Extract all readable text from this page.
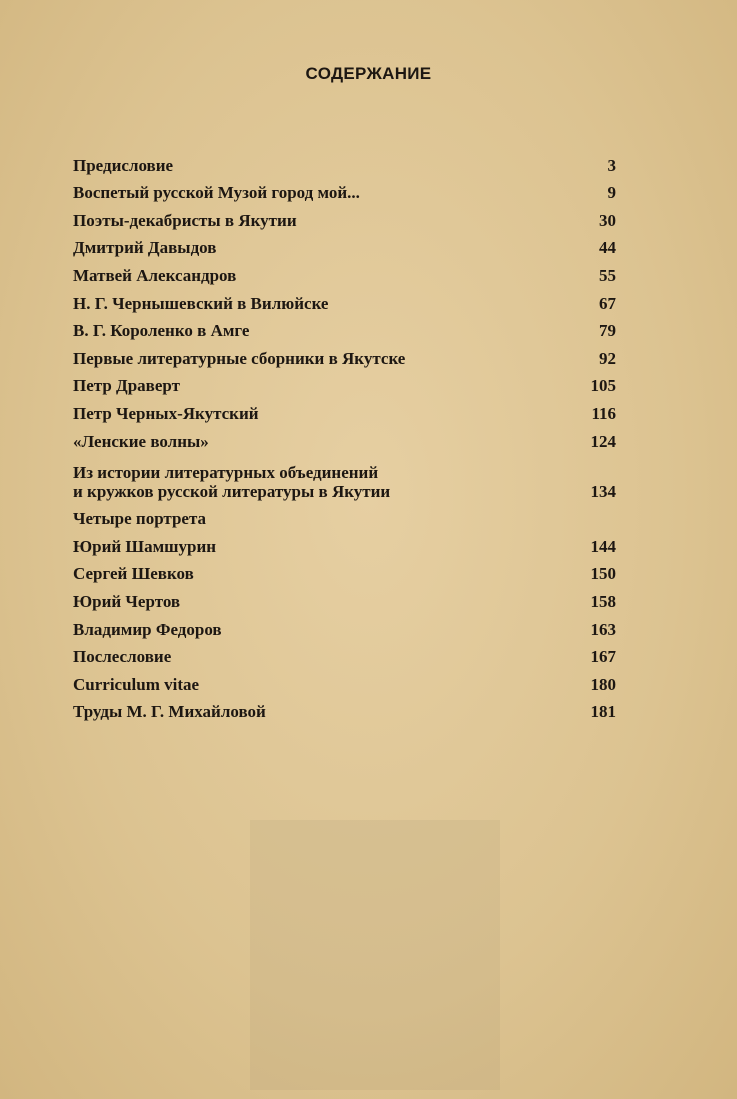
СОДЕРЖАНИЕ
Предисловие	3
Воспетый русской Музой город мой...	9
Поэты-декабристы в Якутии	30
Дмитрий Давыдов	44
Матвей Александров	55
Н. Г. Чернышевский в Вилюйске	67
В. Г. Короленко в Амге	79
Первые литературные сборники в Якутске	92
Петр Драверт	105
Петр Черных-Якутский	116
«Ленские волны»	124
Из истории литературных объединений
и кружков русской литературы в Якутии	134
Четыре портрета
Юрий Шамшурин	144
Сергей Шевков	150
Юрий Чертов	158
Владимир Федоров	163
Послесловие	167
Curriculum vitae	180
Труды М. Г. Михайловой	181
